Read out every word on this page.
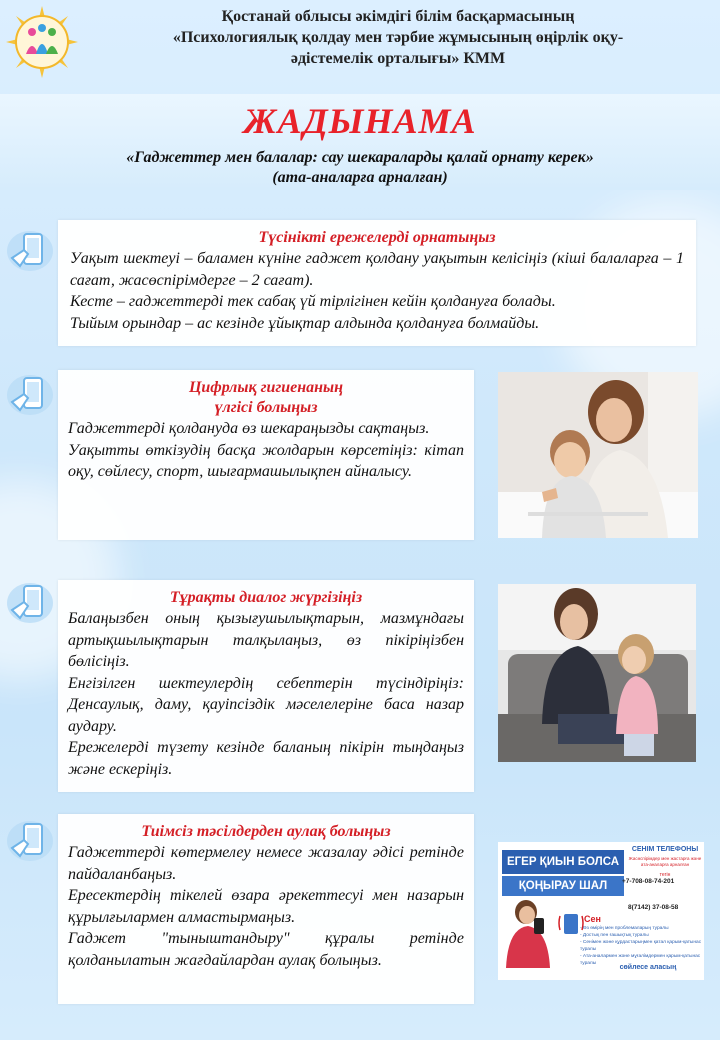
Қостанай облысы әкімдігі білім басқармасының
«Психологиялық қолдау мен тәрбие жұмысының өңірлік оқу-
әдістемелік орталығы» КММ
ЖАДЫНАМА
«Гаджеттер мен балалар: сау шекараларды қалай орнату керек»
(ата-аналарға арналған)
Түсінікті ережелерді орнатыңыз

Уақыт шектеуі – баламен күніне гаджет қолдану уақытын келісіңіз (кіші балаларға – 1 сағат, жасөспірімдерге – 2 сағат).

Кесте – гаджеттерді тек сабақ үй тірлігінен кейін қолдануға болады.

Тыйым орындар – ас кезінде ұйықтар алдында қолдануға болмайды.

Цифрлық гигиенаның
үлгісі болыңыз

Гаджеттерді қолдануда өз шекараңызды сақтаңыз.

Уақытты өткізудің басқа жолдарын көрсетіңіз: кітап оқу, сөйлесу, спорт, шығармашылықпен айналысу.

Тұрақты диалог жүргізіңіз

Балаңызбен оның қызығушылықтарын, мазмұндағы артықшылықтарын талқылаңыз, өз пікіріңізбен бөлісіңіз.

Енгізілген шектеулердің себептерін түсіндіріңіз: Денсаулық, даму, қауіпсіздік мәселелеріне баса назар аудару.

Ережелерді түзету кезінде баланың пікірін тыңдаңыз және ескеріңіз.

Тиімсіз тәсілдерден аулақ болыңыз

Гаджеттерді көтермелеу немесе жазалау әдісі ретінде пайдаланбаңыз.

Ересектердің тікелей өзара әрекеттесуі мен назарын құрылғылармен алмастырмаңыз.

Гаджет "тыныштандыру" құралы ретінде қолданылатын жағдайлардан аулақ болыңыз.

ЕГЕР ҚИЫН БОЛСА
ҚОҢЫРАУ ШАЛ
СЕНІМ ТЕЛЕФОНЫ
Жасөспірімдер мен жастарға және ата-аналарға арналған
тегін
+7-708-08-74-201
8(7142) 37-08-58
Сен
- Өз өмірің мен проблемаларың туралы
- Достық пен ғашықтық туралы
- Сенімен және құрдастарыңмен қатал қарым-қатынас туралы
- Ата-аналармен және мұғалімдермен қарым-қатынас туралы
сөйлесе аласың
